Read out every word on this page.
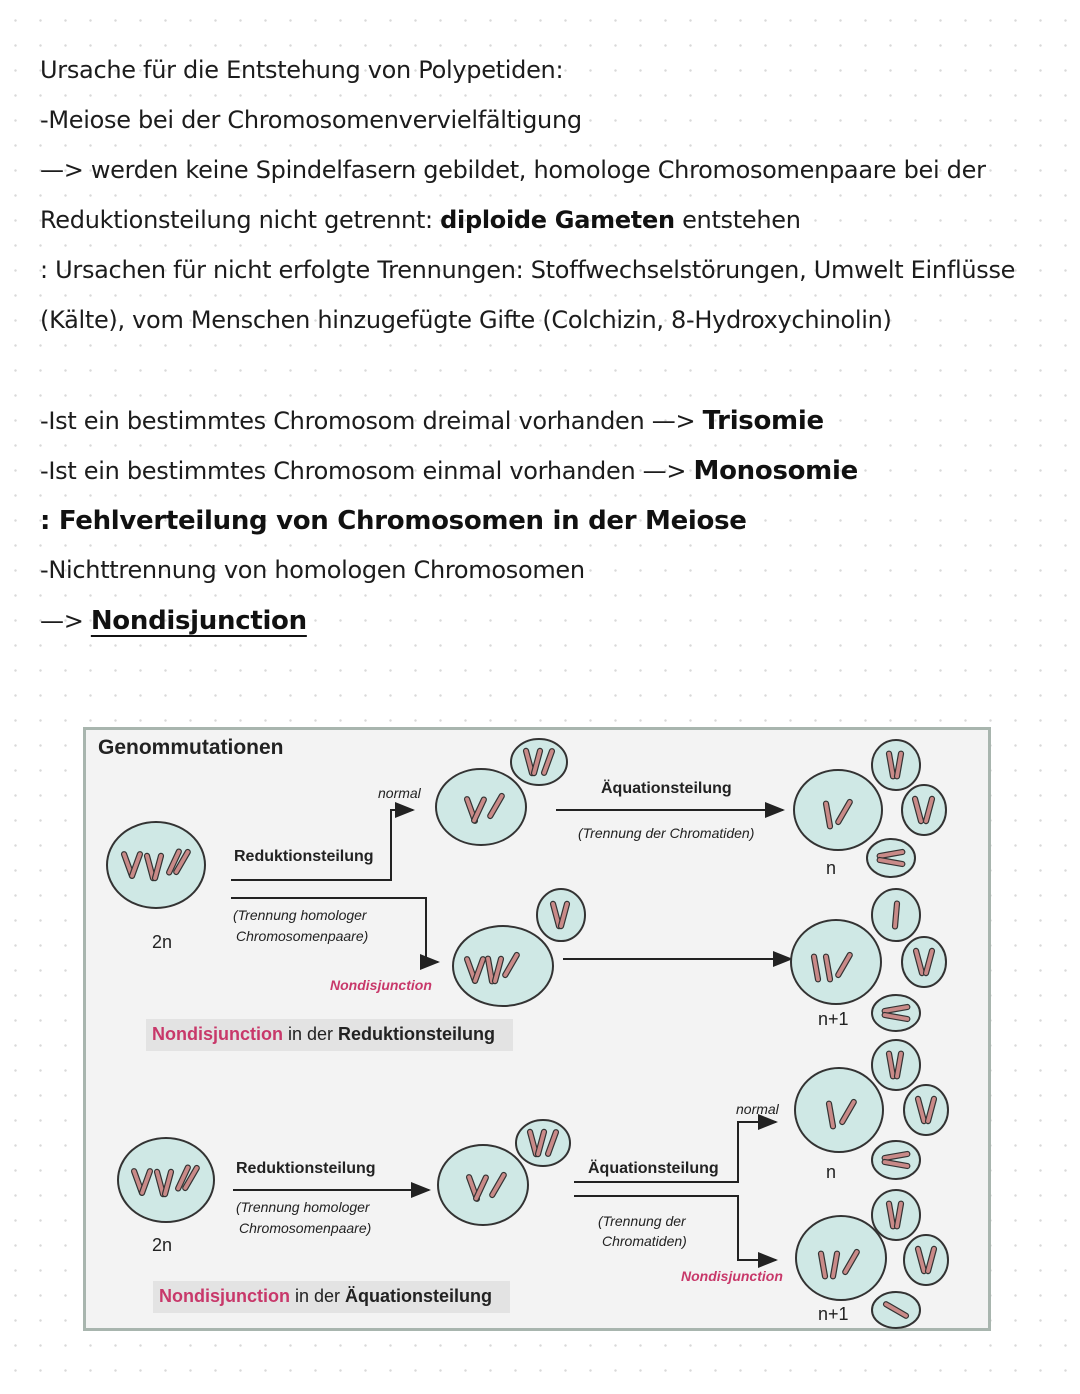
Ursache für die Entstehung von Polypetiden:
-Meiose bei der Chromosomenvervielfältigung
—> werden keine Spindelfasern gebildet, homologe Chromosomenpaare bei der
Reduktionsteilung nicht getrennt: diploide Gameten entstehen
: Ursachen für nicht erfolgte Trennungen: Stoffwechselstörungen, Umwelt Einflüsse
(Kälte), vom Menschen hinzugefügte Gifte (Colchizin, 8-Hydroxychinolin)
-Ist ein bestimmtes Chromosom dreimal vorhanden —> Trisomie
-Ist ein bestimmtes Chromosom einmal vorhanden —> Monosomie
: Fehlverteilung von Chromosomen in der Meiose
-Nichttrennung von homologen Chromosomen
—> Nondisjunction
Genommutationen
normal
Reduktionsteilung
(Trennung homologer
Chromosomenpaare)
Nondisjunction
Äquationsteilung
(Trennung der Chromatiden)
2n
n
n+1
Nondisjunction in der Reduktionsteilung
Reduktionsteilung
(Trennung homologer
Chromosomenpaare)
Äquationsteilung
(Trennung der
Chromatiden)
normal
Nondisjunction
2n
n
n+1
Nondisjunction in der Äquationsteilung
